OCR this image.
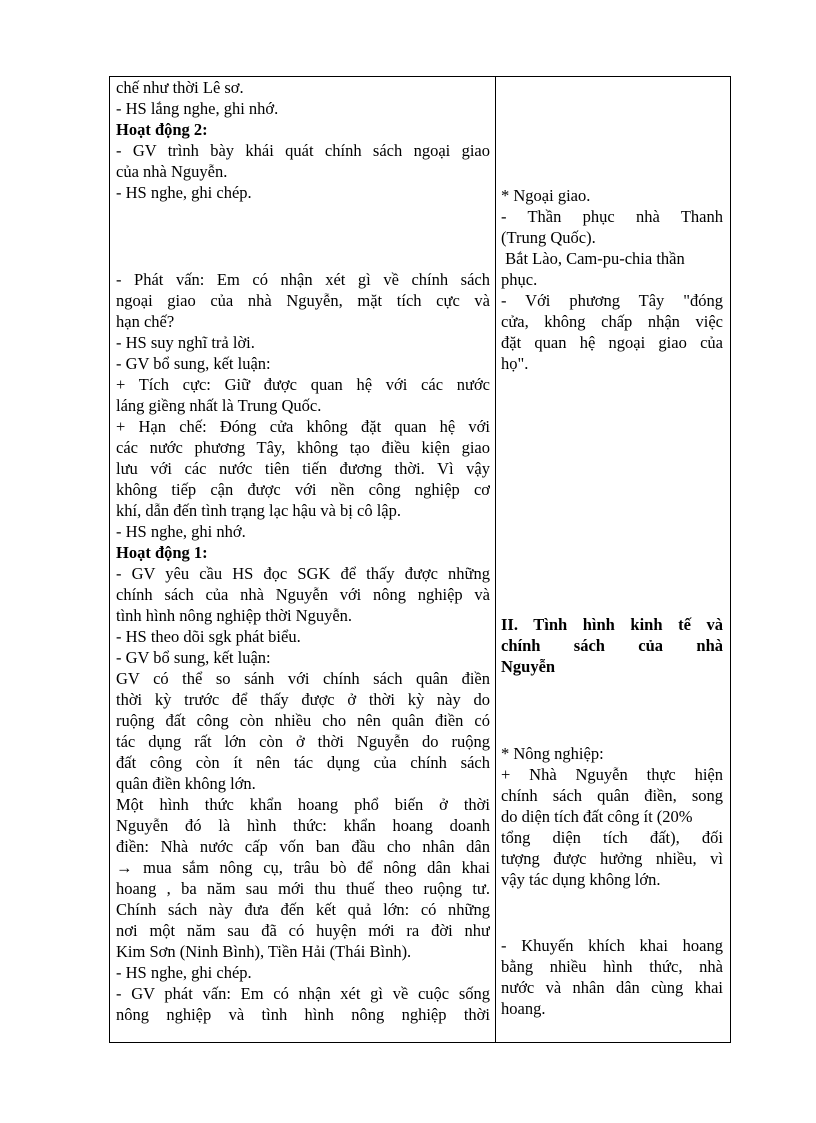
chế như thời Lê sơ.
- HS lắng nghe, ghi nhớ.
Hoạt động 2:
- GV trình bày khái quát chính sách ngoại giao
của nhà Nguyễn.
- HS nghe, ghi chép.
- Phát vấn: Em có nhận xét gì về chính sách
ngoại giao của nhà Nguyễn, mặt tích cực và
hạn chế?
- HS suy nghĩ trả lời.
- GV bổ sung, kết luận:
+ Tích cực: Giữ được quan hệ với các nước
láng giềng nhất là Trung Quốc.
+ Hạn chế: Đóng cửa không đặt quan hệ với
các nước phương Tây, không tạo điều kiện giao
lưu với các nước tiên tiến đương thời. Vì vậy
không tiếp cận được với nền công nghiệp cơ
khí, dẫn đến tình trạng lạc hậu và bị cô lập.
- HS nghe, ghi nhớ.
Hoạt động 1:
- GV yêu cầu HS đọc SGK để thấy được những
chính sách của nhà Nguyễn với nông nghiệp và
tình hình nông nghiệp thời Nguyễn.
- HS theo dõi sgk phát biểu.
- GV bổ sung, kết luận:
GV có thể so sánh với chính sách quân điền
thời kỳ trước để thấy được ở thời kỳ này do
ruộng đất công còn nhiều cho nên quân điền có
tác dụng rất lớn còn ở thời Nguyễn do ruộng
đất công còn ít nên tác dụng của chính sách
quân điền không lớn.
Một hình thức khẩn hoang phổ biến ở thời
Nguyễn đó là hình thức: khẩn hoang doanh
điền: Nhà nước cấp vốn ban đầu cho nhân dân
→ mua sắm nông cụ, trâu bò để nông dân khai
hoang , ba năm sau mới thu thuế theo ruộng tư.
Chính sách này đưa đến kết quả lớn: có những
nơi một năm sau đã có huyện mới ra đời như
Kim Sơn (Ninh Bình), Tiền Hải (Thái Bình).
- HS nghe, ghi chép.
- GV phát vấn: Em có nhận xét gì về cuộc sống
nông nghiệp và tình hình nông nghiệp thời
* Ngoại giao.
- Thần phục nhà Thanh
(Trung Quốc).
Bắt Lào, Cam-pu-chia thần
phục.
- Với phương Tây "đóng
cửa, không chấp nhận việc
đặt quan hệ ngoại giao của
họ".
II. Tình hình kinh tế và
chính sách của nhà
Nguyễn
* Nông nghiệp:
+ Nhà Nguyễn thực hiện
chính sách quân điền, song
do diện tích đất công ít (20%
tổng diện tích đất), đối
tượng được hưởng nhiều, vì
vậy tác dụng không lớn.
- Khuyến khích khai hoang
bằng nhiều hình thức, nhà
nước và nhân dân cùng khai
hoang.
